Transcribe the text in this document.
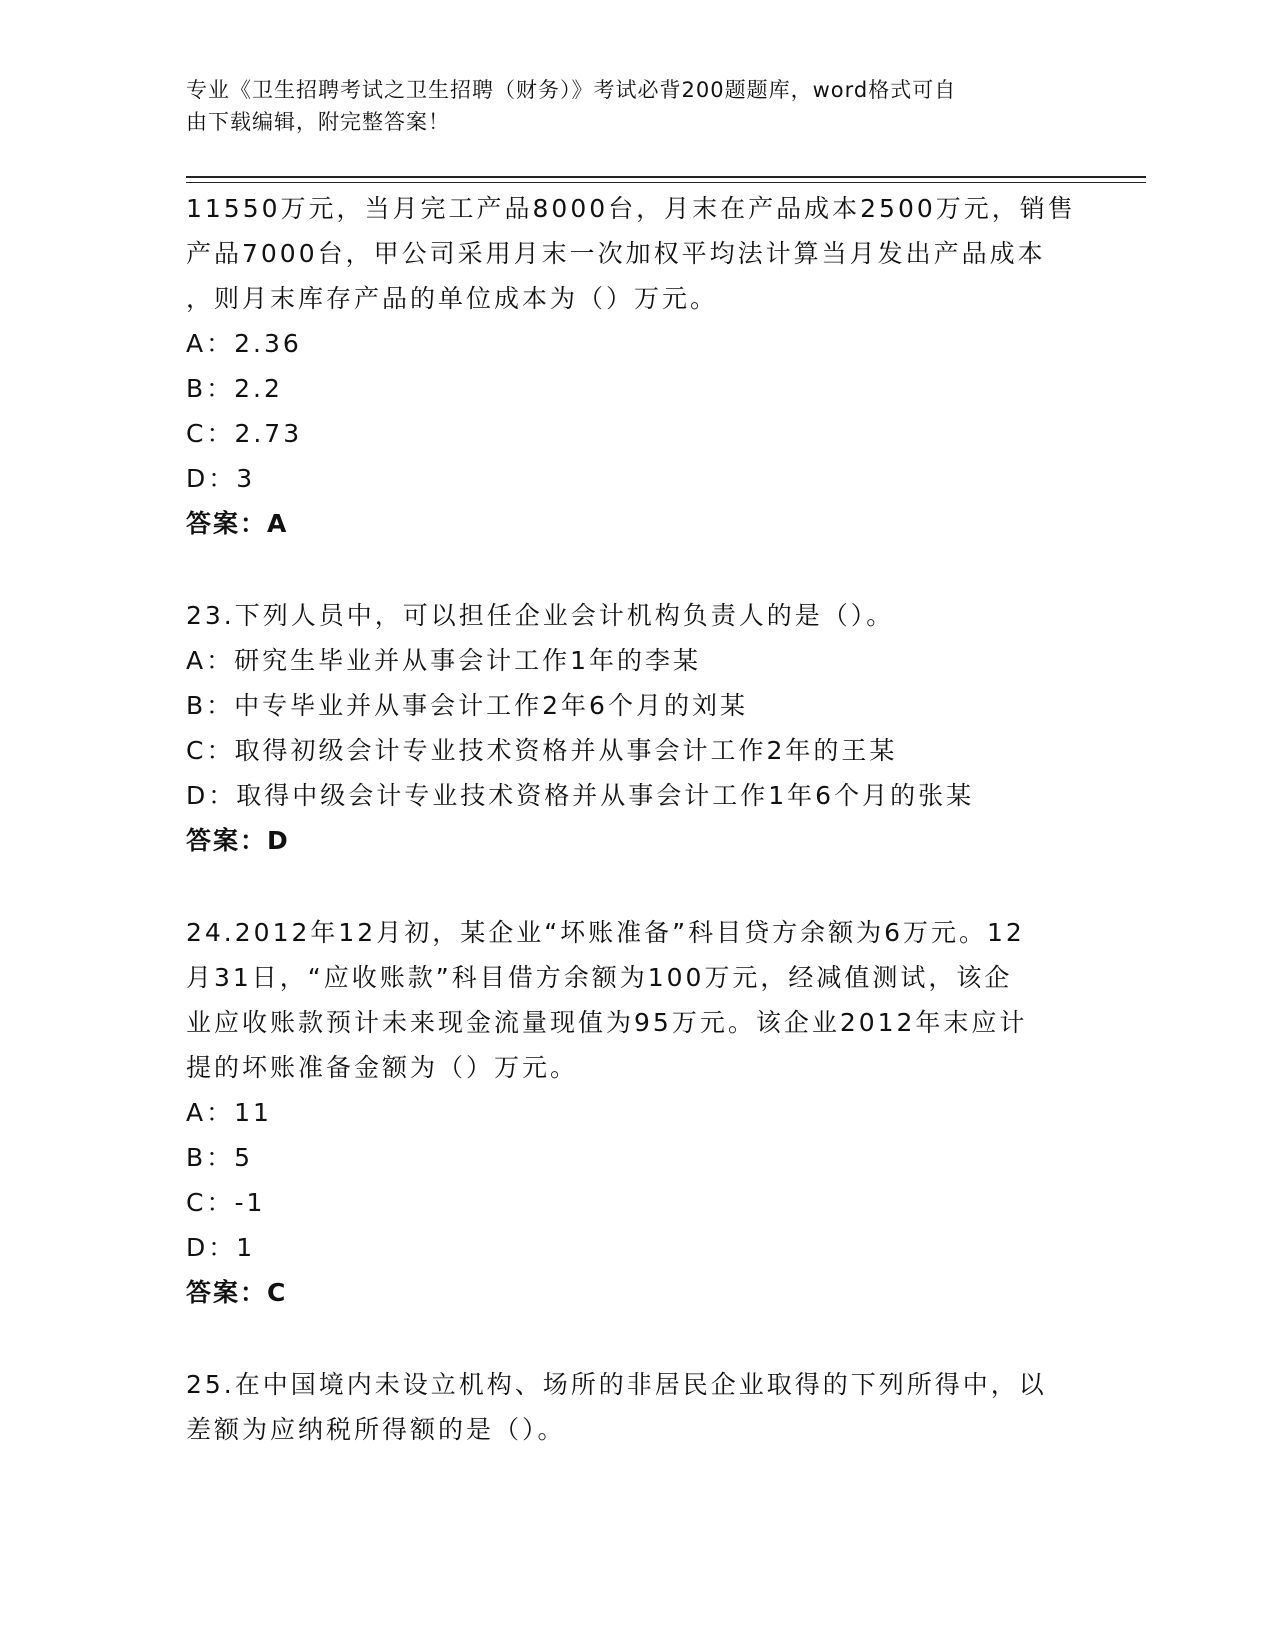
专业《卫生招聘考试之卫生招聘（财务）》考试必背200题题库，word格式可自
由下载编辑，附完整答案！
11550万元，当月完工产品8000台，月末在产品成本2500万元，销售
产品7000台，甲公司采用月末一次加权平均法计算当月发出产品成本
，则月末库存产品的单位成本为（）万元。
A：2.36
B：2.2
C：2.73
D：3
答案：A
23.下列人员中，可以担任企业会计机构负责人的是（）。
A：研究生毕业并从事会计工作1年的李某
B：中专毕业并从事会计工作2年6个月的刘某
C：取得初级会计专业技术资格并从事会计工作2年的王某
D：取得中级会计专业技术资格并从事会计工作1年6个月的张某
答案：D
24.2012年12月初，某企业“坏账准备”科目贷方余额为6万元。12
月31日，“应收账款”科目借方余额为100万元，经减值测试，该企
业应收账款预计未来现金流量现值为95万元。该企业2012年末应计
提的坏账准备金额为（）万元。
A：11
B：5
C：-1
D：1
答案：C
25.在中国境内未设立机构、场所的非居民企业取得的下列所得中，以
差额为应纳税所得额的是（）。
